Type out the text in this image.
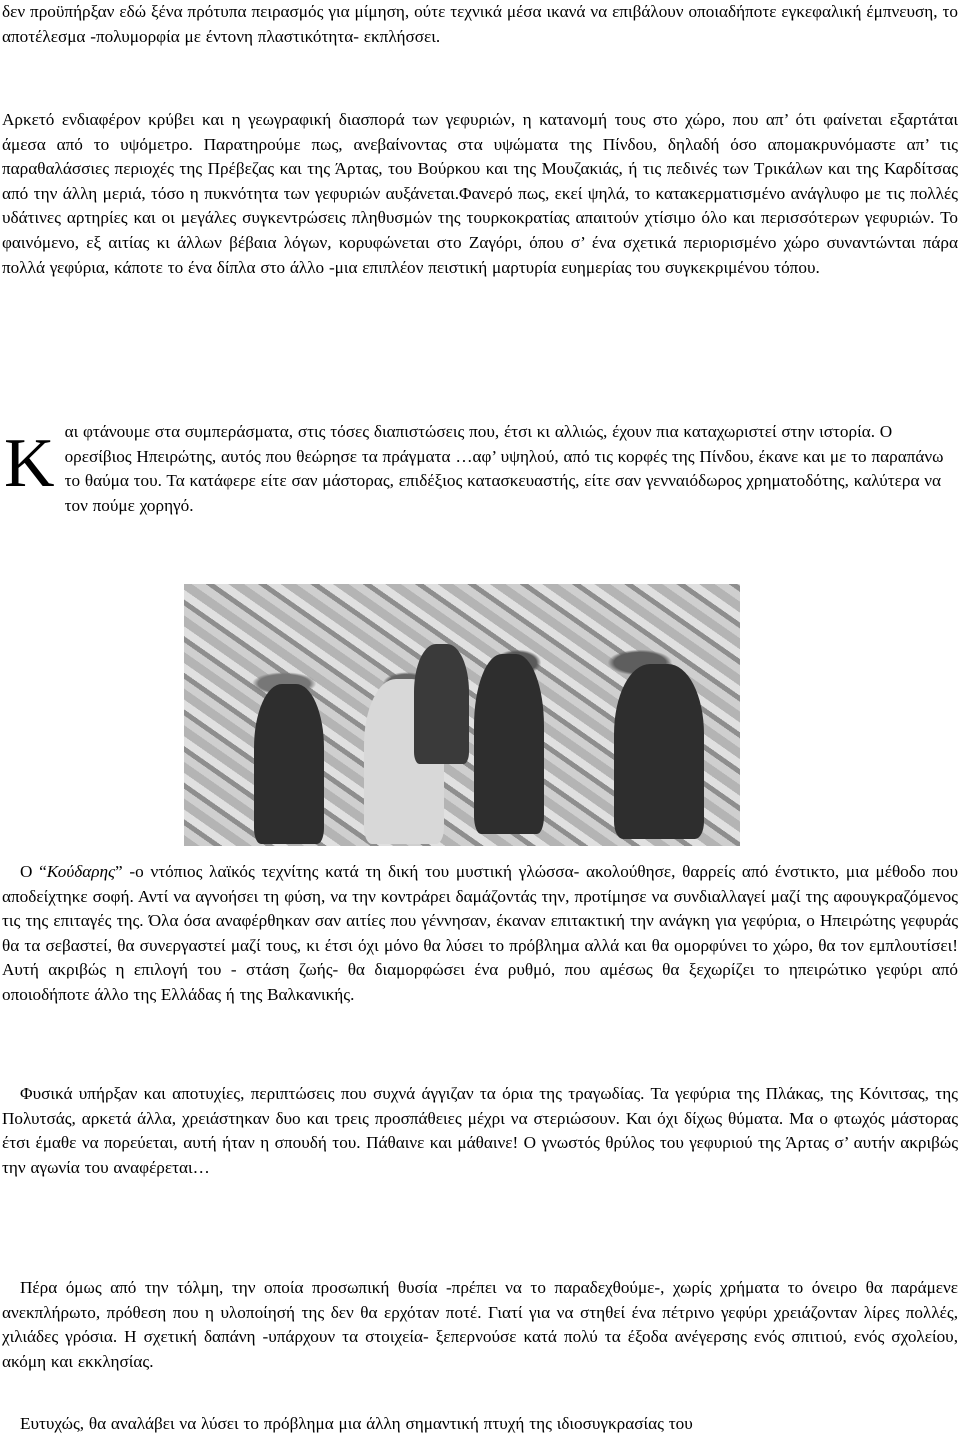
δεν προϋπήρξαν εδώ ξένα πρότυπα πειρασμός για μίμηση, ούτε τεχνικά μέσα ικανά να επιβάλουν οποιαδήποτε εγκεφαλική έμπνευση, το αποτέλεσμα -πολυμορφία με έντονη πλαστικότητα- εκπλήσσει.

Αρκετό ενδιαφέρον κρύβει και η γεωγραφική διασπορά των γεφυριών, η κατανομή τους στο χώρο, που απ’ ότι φαίνεται εξαρτάται άμεσα από το υψόμετρο. Παρατηρούμε πως, ανεβαίνοντας στα υψώματα της Πίνδου, δηλαδή όσο απομακρυνόμαστε απ’ τις παραθαλάσσιες περιοχές της Πρέβεζας και της Άρτας, του Βούρκου και της Μουζακιάς, ή τις πεδινές των Τρικάλων και της Καρδίτσας από την άλλη μεριά, τόσο η πυκνότητα των γεφυριών αυξάνεται.Φανερό πως, εκεί ψηλά, το κατακερματισμένο ανάγλυφο με τις πολλές υδάτινες αρτηρίες και οι μεγάλες συγκεντρώσεις πληθυσμών της τουρκοκρατίας απαιτούν χτίσιμο όλο και περισσότερων γεφυριών. Το φαινόμενο, εξ αιτίας κι άλλων βέβαια λόγων, κορυφώνεται στο Ζαγόρι, όπου σ’ ένα σχετικά περιορισμένο χώρο συναντώνται πάρα πολλά γεφύρια, κάποτε το ένα δίπλα στο άλλο -μια επιπλέον πειστική μαρτυρία ευημερίας του συγκεκριμένου τόπου.

Κ αι φτάνουμε στα συμπεράσματα, στις τόσες διαπιστώσεις που, έτσι κι αλλιώς, έχουν πια καταχωριστεί στην ιστορία. Ο ορεσίβιος Ηπειρώτης, αυτός που θεώρησε τα πράγματα …αφ’ υψηλού, από τις κορφές της Πίνδου, έκανε και με το παραπάνω το θαύμα του. Τα κατάφερε είτε σαν μάστορας, επιδέξιος κατασκευαστής, είτε σαν γενναιόδωρος χρηματοδότης, καλύτερα να τον πούμε χορηγό.

Ο “Κούδαρης” -ο ντόπιος λαϊκός τεχνίτης κατά τη δική του μυστική γλώσσα- ακολούθησε, θαρρείς από ένστικτο, μια μέθοδο που αποδείχτηκε σοφή. Αντί να αγνοήσει τη φύση, να την κοντράρει δαμάζοντάς την, προτίμησε να συνδιαλλαγεί μαζί της αφουγκραζόμενος τις της επιταγές της. Όλα όσα αναφέρθηκαν σαν αιτίες που γέννησαν, έκαναν επιτακτική την ανάγκη για γεφύρια, ο Ηπειρώτης γεφυράς θα τα σεβαστεί, θα συνεργαστεί μαζί τους, κι έτσι όχι μόνο θα λύσει το πρόβλημα αλλά και θα ομορφύνει το χώρο, θα τον εμπλουτίσει! Αυτή ακριβώς η επιλογή του - στάση ζωής- θα διαμορφώσει ένα ρυθμό, που αμέσως θα ξεχωρίζει το ηπειρώτικο γεφύρι από οποιοδήποτε άλλο της Ελλάδας ή της Βαλκανικής.

Φυσικά υπήρξαν και αποτυχίες, περιπτώσεις που συχνά άγγιζαν τα όρια της τραγωδίας. Τα γεφύρια της Πλάκας, της Κόνιτσας, της Πολυτσάς, αρκετά άλλα, χρειάστηκαν δυο και τρεις προσπάθειες μέχρι να στεριώσουν. Και όχι δίχως θύματα. Μα ο φτωχός μάστορας έτσι έμαθε να πορεύεται, αυτή ήταν η σπουδή του. Πάθαινε και μάθαινε! Ο γνωστός θρύλος του γεφυριού της Άρτας σ’ αυτήν ακριβώς την αγωνία του αναφέρεται…

Πέρα όμως από την τόλμη, την οποία προσωπική θυσία -πρέπει να το παραδεχθούμε-, χωρίς χρήματα το όνειρο θα παράμενε ανεκπλήρωτο, πρόθεση που η υλοποίησή της δεν θα ερχόταν ποτέ. Γιατί για να στηθεί ένα πέτρινο γεφύρι χρειάζονταν λίρες πολλές, χιλιάδες γρόσια. Η σχετική δαπάνη -υπάρχουν τα στοιχεία- ξεπερνούσε κατά πολύ τα έξοδα ανέγερσης ενός σπιτιού, ενός σχολείου, ακόμη και εκκλησίας.

Ευτυχώς, θα αναλάβει να λύσει το πρόβλημα μια άλλη σημαντική πτυχή της ιδιοσυγκρασίας του
